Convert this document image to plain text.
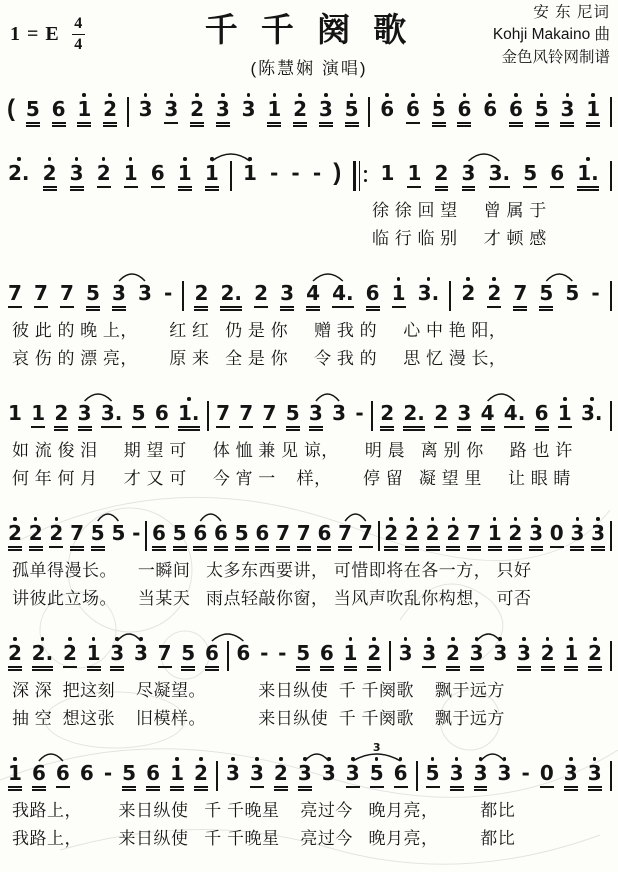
1 = E 4
4	千 千 阕 歌
(陈慧娴 演唱)
安 东 尼词
Kohji Makaino 曲
金色风铃网制谱
( 5 6 1 2 3 3 2 3 3 1 2 3 5 6 6 5 6 6 6 5 3 1
2. 2 3 2 1 6 1 1 1 - - - ) 1 1 2 3 3. 5 6 1.
徐 徐 回 望     曾 属 于
临 行 临 别     才 顿 感
7 7 7 5 3 3 - 2 2. 2 3 4 4. 6 1 3. 2 2 7 5 5 -
彼 此 的 晚 上，      红 红   仍 是 你     赠 我 的     心 中 艳 阳，
哀 伤 的 漂 亮，      原 来   全 是 你     令 我 的     思 忆 漫 长，
1 1 2 3 3. 5 6 1. 7 7 7 5 3 3 - 2 2. 2 3 4 4. 6 1 3.
如 流 俊 泪     期 望 可     体 恤 兼 见 谅，     明 晨   离 别 你     路 也 许
何 年 何 月     才 又 可     今 宵 一    样，      停 留   凝 望 里     让 眼 睛
2 2 2 7 5 5 - 6 5 6 6 5 6 7 7 6 7 7 2 2 2 2 7 1 2 3 0 3 3
孤单得漫长。    一瞬间   太多东西要讲， 可惜即将在各一方， 只好
讲彼此立场。    当某天   雨点轻敲你窗， 当风声吹乱你构想， 可否
2 2. 2 1 3 3 7 5 6 6 - - 5 6 1 2 3 3 2 3 3 3 2 1 2
深 深  把这刻    尽凝望。          来日纵使  千 千阕歌    飘于远方
抽 空  想这张    旧模样。          来日纵使  千 千阕歌    飘于远方
1 6 6 6 - 5 6 1 2 3 3 2 3 3 3 5 6 5 3 3 3 - 0 3 3
3
我路上，       来日纵使   千 千晚星    亮过今   晚月亮，        都比
我路上，       来日纵使   千 千晚星    亮过今   晚月亮，        都比
